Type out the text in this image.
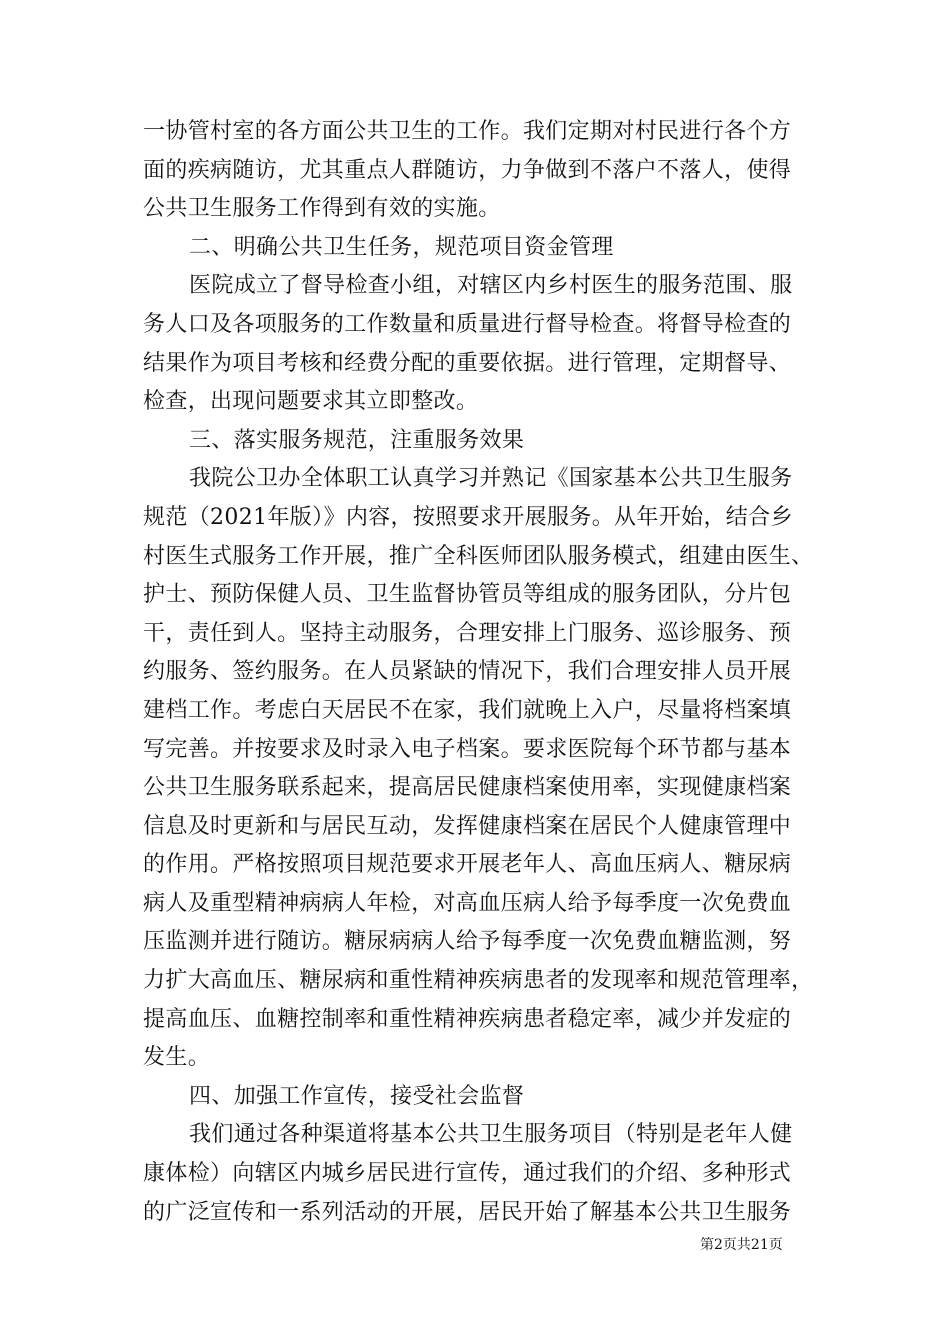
一协管村室的各方面公共卫生的工作。我们定期对村民进行各个方
面的疾病随访，尤其重点人群随访，力争做到不落户不落人，使得
公共卫生服务工作得到有效的实施。
二、明确公共卫生任务，规范项目资金管理
医院成立了督导检查小组，对辖区内乡村医生的服务范围、服
务人口及各项服务的工作数量和质量进行督导检查。将督导检查的
结果作为项目考核和经费分配的重要依据。进行管理，定期督导、
检查，出现问题要求其立即整改。
三、落实服务规范，注重服务效果
我院公卫办全体职工认真学习并熟记《国家基本公共卫生服务
规范（2021年版）》内容，按照要求开展服务。从年开始，结合乡
村医生式服务工作开展，推广全科医师团队服务模式，组建由医生、
护士、预防保健人员、卫生监督协管员等组成的服务团队，分片包
干，责任到人。坚持主动服务，合理安排上门服务、巡诊服务、预
约服务、签约服务。在人员紧缺的情况下，我们合理安排人员开展
建档工作。考虑白天居民不在家，我们就晚上入户，尽量将档案填
写完善。并按要求及时录入电子档案。要求医院每个环节都与基本
公共卫生服务联系起来，提高居民健康档案使用率，实现健康档案
信息及时更新和与居民互动，发挥健康档案在居民个人健康管理中
的作用。严格按照项目规范要求开展老年人、高血压病人、糖尿病
病人及重型精神病病人年检，对高血压病人给予每季度一次免费血
压监测并进行随访。糖尿病病人给予每季度一次免费血糖监测，努
力扩大高血压、糖尿病和重性精神疾病患者的发现率和规范管理率，
提高血压、血糖控制率和重性精神疾病患者稳定率，减少并发症的
发生。
四、加强工作宣传，接受社会监督
我们通过各种渠道将基本公共卫生服务项目（特别是老年人健
康体检）向辖区内城乡居民进行宣传，通过我们的介绍、多种形式
的广泛宣传和一系列活动的开展，居民开始了解基本公共卫生服务
第2页共21页
